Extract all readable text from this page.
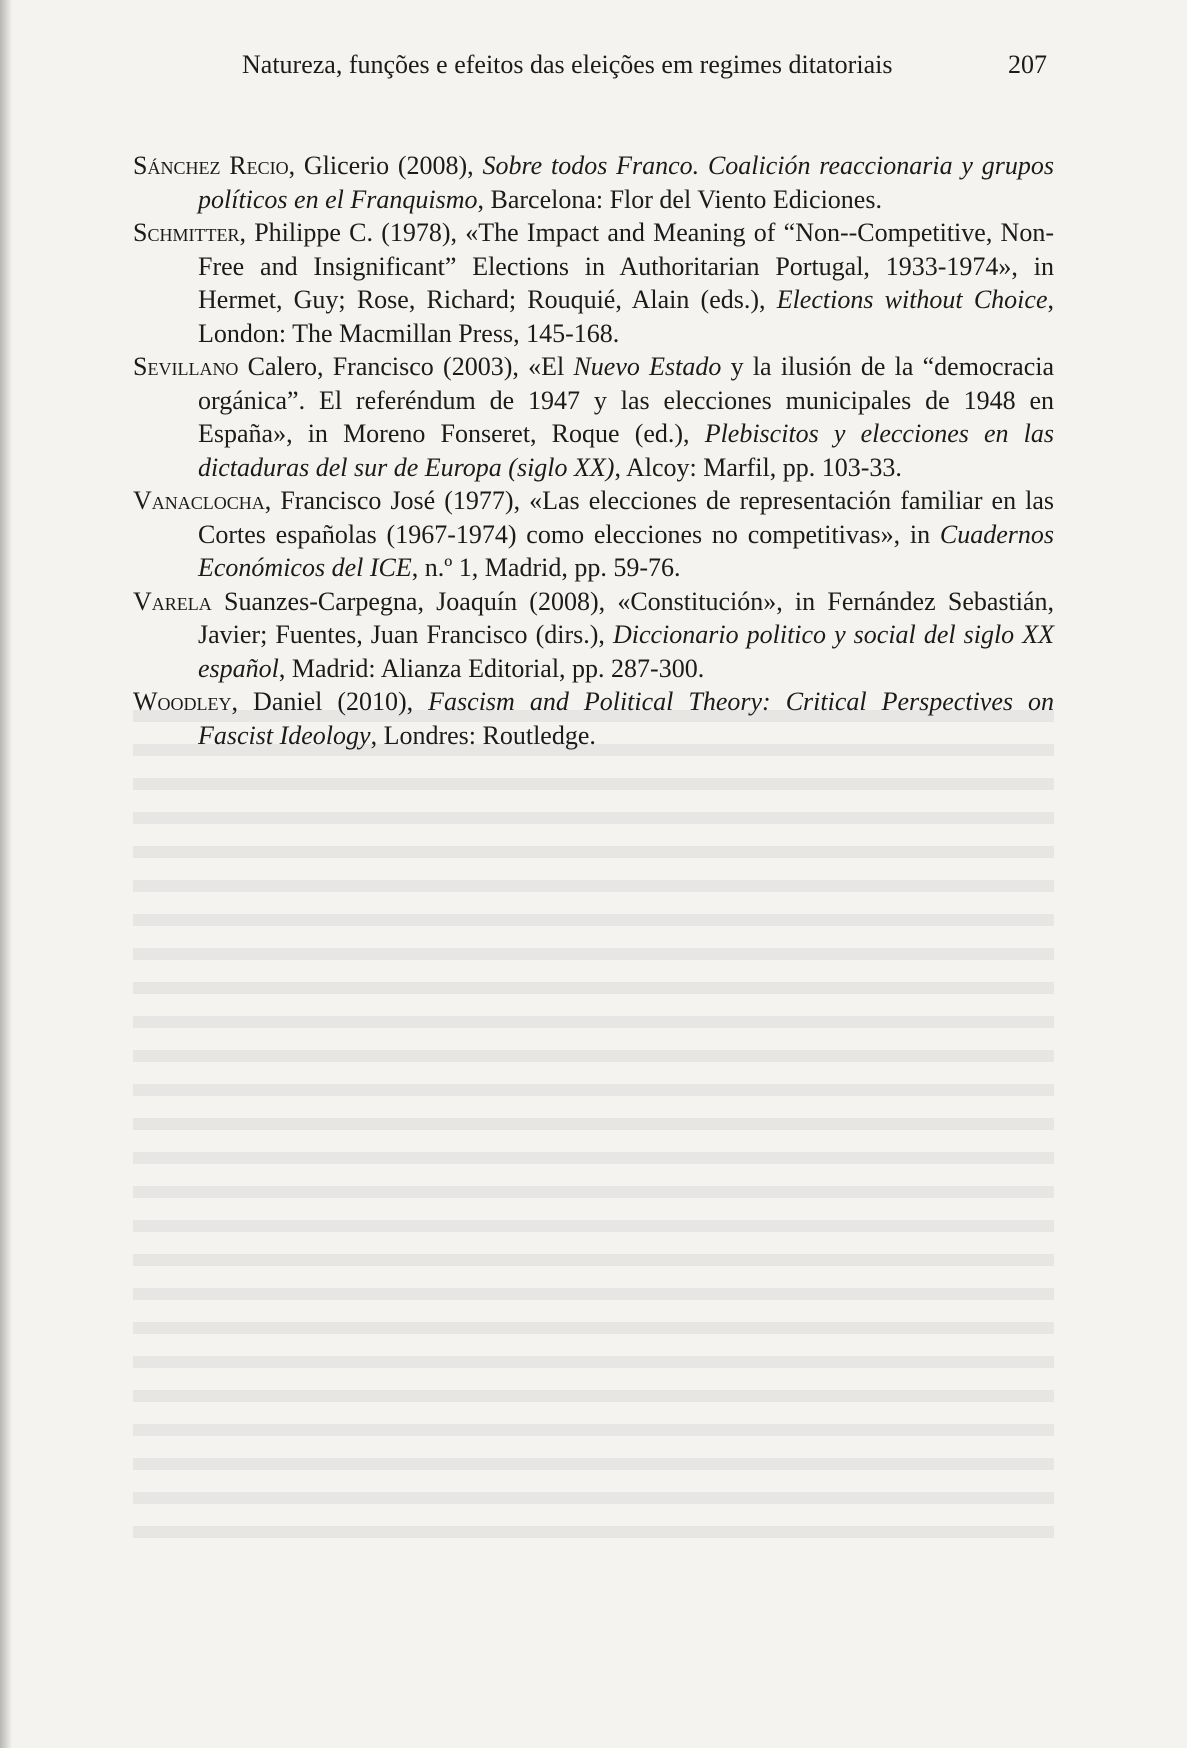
Natureza, funções e efeitos das eleições em regimes ditatoriais	207

Sánchez Recio, Glicerio (2008), Sobre todos Franco. Coalición reaccionaria y grupos políticos en el Franquismo, Barcelona: Flor del Viento Ediciones.

Schmitter, Philippe C. (1978), «The Impact and Meaning of “Non--Competitive, Non-Free and Insignificant” Elections in Authoritarian Portugal, 1933-1974», in Hermet, Guy; Rose, Richard; Rouquié, Alain (eds.), Elections without Choice, London: The Macmillan Press, 145-168.

Sevillano Calero, Francisco (2003), «El Nuevo Estado y la ilusión de la “democracia orgánica”. El referéndum de 1947 y las elecciones municipales de 1948 en España», in Moreno Fonseret, Roque (ed.), Plebiscitos y elecciones en las dictaduras del sur de Europa (siglo XX), Alcoy: Marfil, pp. 103-33.

Vanaclocha, Francisco José (1977), «Las elecciones de representación familiar en las Cortes españolas (1967-1974) como elecciones no competitivas», in Cuadernos Económicos del ICE, n.º 1, Madrid, pp. 59-76.

Varela Suanzes-Carpegna, Joaquín (2008), «Constitución», in Fernández Sebastián, Javier; Fuentes, Juan Francisco (dirs.), Diccionario politico y social del siglo XX español, Madrid: Alianza Editorial, pp. 287-300.

Woodley, Daniel (2010), Fascism and Political Theory: Critical Perspectives on Fascist Ideology, Londres: Routledge.
